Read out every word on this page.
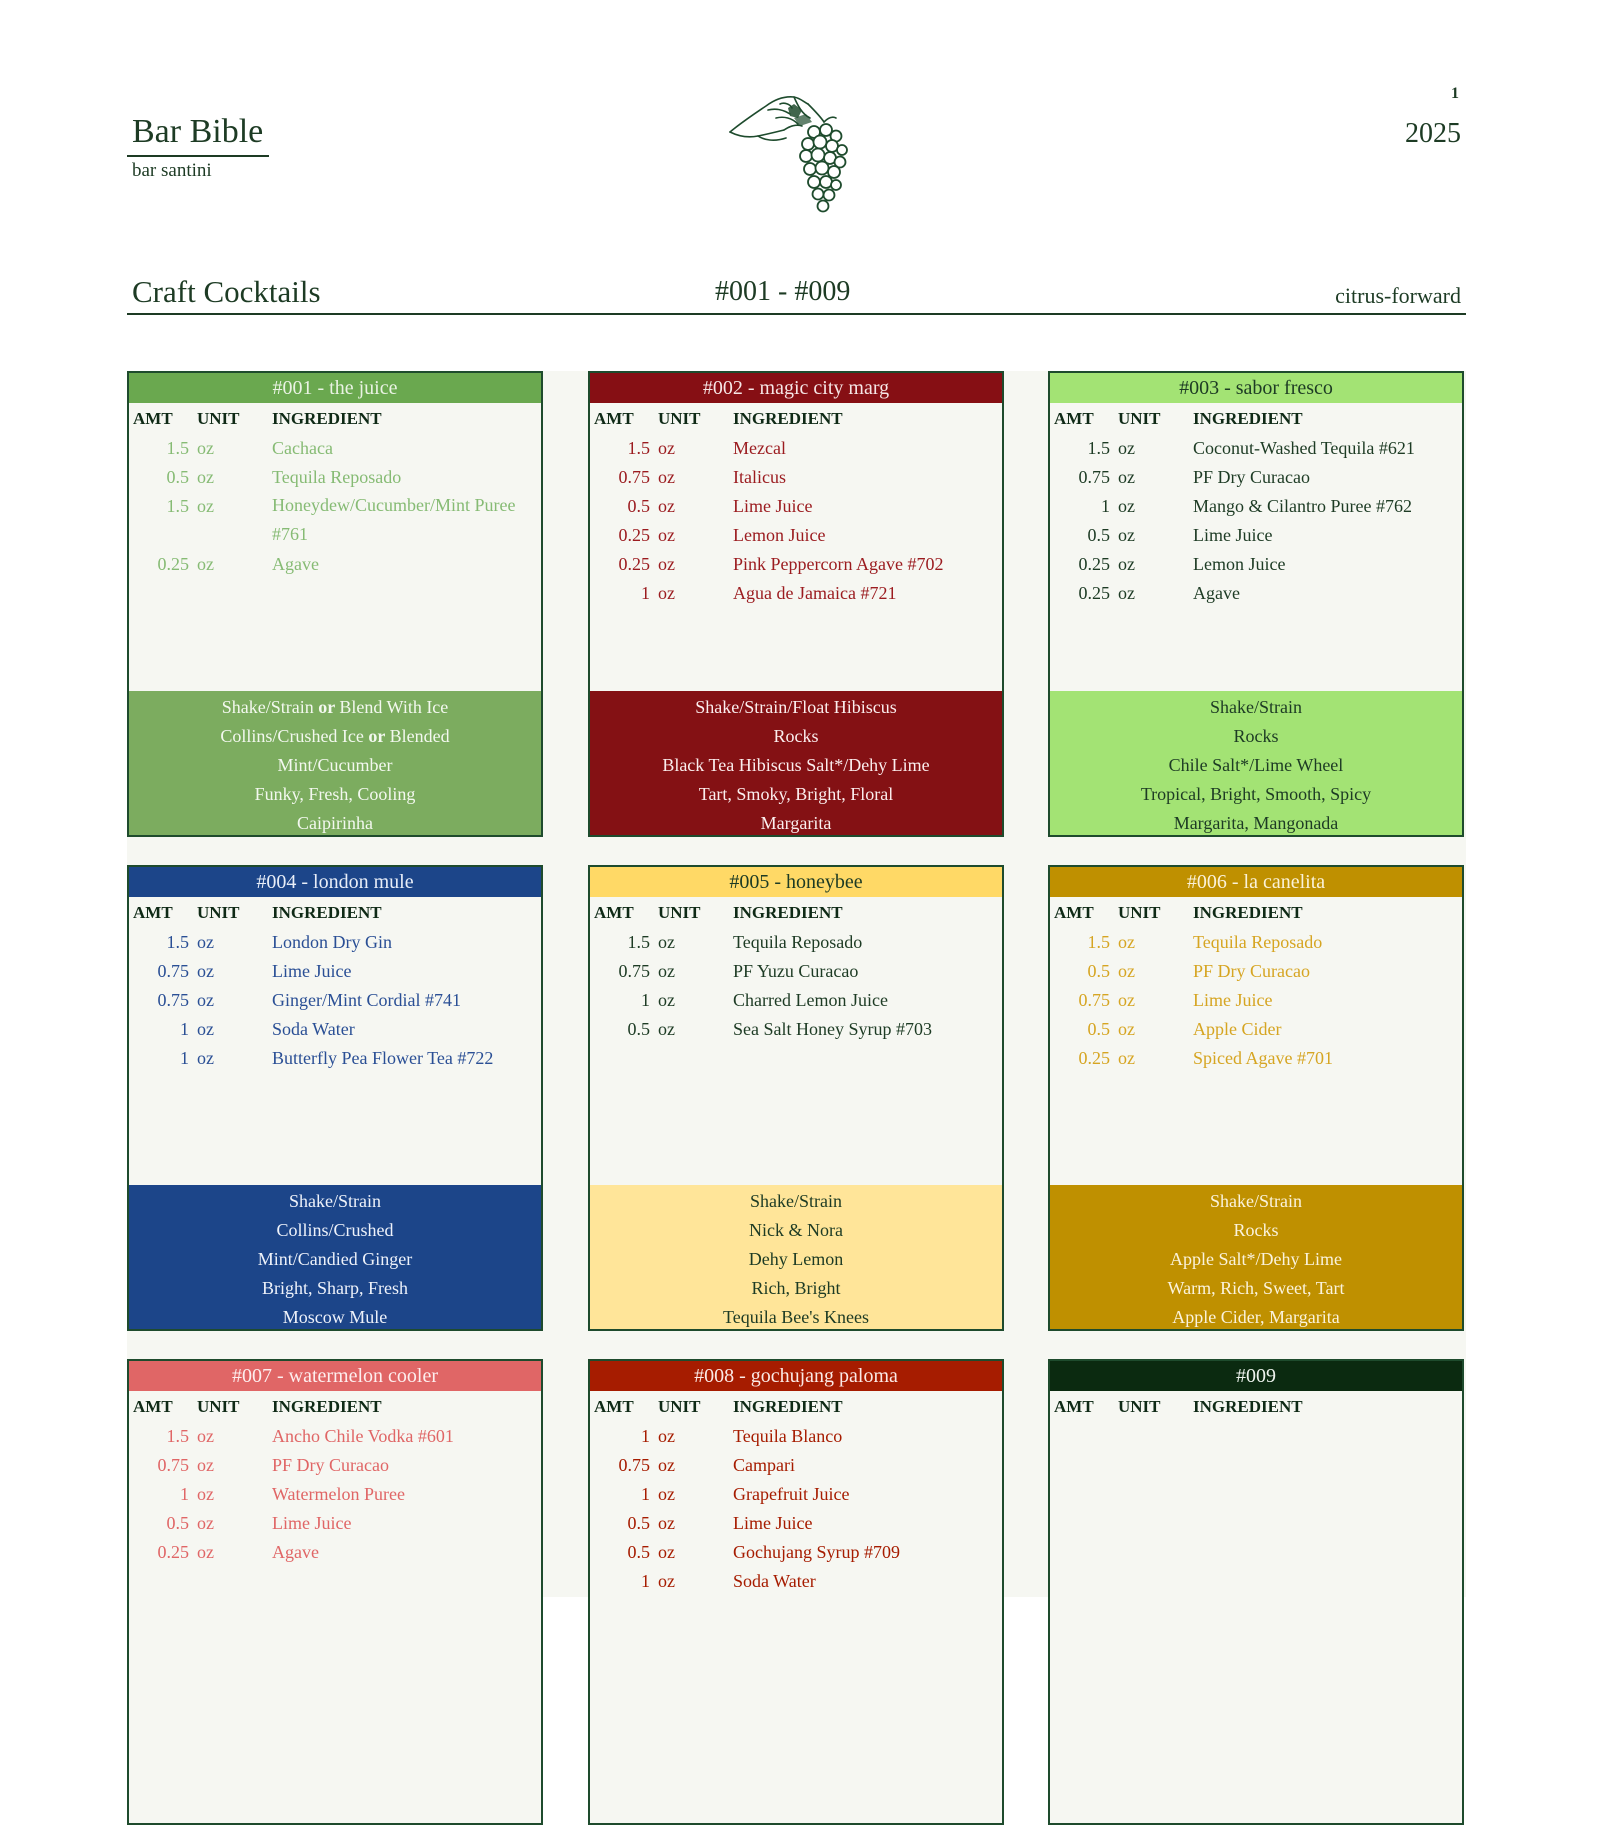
Bar Bible
bar santini
1
2025
Craft Cocktails	#001 - #009	citrus-forward
#001 - the juice
AMT UNIT INGREDIENT
1.5 oz	Cachaca
0.5 oz	Tequila Reposado
1.5 oz	Honeydew/Cucumber/Mint Puree #761
0.25 oz	Agave
Shake/Strain or Blend With Ice
Collins/Crushed Ice or Blended
Mint/Cucumber
Funky, Fresh, Cooling
Caipirinha
#002 - magic city marg
AMT UNIT INGREDIENT
1.5 oz	Mezcal
0.75 oz	Italicus
0.5 oz	Lime Juice
0.25 oz	Lemon Juice
0.25 oz	Pink Peppercorn Agave #702
1 oz	Agua de Jamaica #721
Shake/Strain/Float Hibiscus
Rocks
Black Tea Hibiscus Salt*/Dehy Lime
Tart, Smoky, Bright, Floral
Margarita
#003 - sabor fresco
AMT UNIT INGREDIENT
1.5 oz	Coconut-Washed Tequila #621
0.75 oz	PF Dry Curacao
1 oz	Mango & Cilantro Puree #762
0.5 oz	Lime Juice
0.25 oz	Lemon Juice
0.25 oz	Agave
Shake/Strain
Rocks
Chile Salt*/Lime Wheel
Tropical, Bright, Smooth, Spicy
Margarita, Mangonada
#004 - london mule
AMT UNIT INGREDIENT
1.5 oz	London Dry Gin
0.75 oz	Lime Juice
0.75 oz	Ginger/Mint Cordial #741
1 oz	Soda Water
1 oz	Butterfly Pea Flower Tea #722
Shake/Strain
Collins/Crushed
Mint/Candied Ginger
Bright, Sharp, Fresh
Moscow Mule
#005 - honeybee
AMT UNIT INGREDIENT
1.5 oz	Tequila Reposado
0.75 oz	PF Yuzu Curacao
1 oz	Charred Lemon Juice
0.5 oz	Sea Salt Honey Syrup #703
Shake/Strain
Nick & Nora
Dehy Lemon
Rich, Bright
Tequila Bee's Knees
#006 - la canelita
AMT UNIT INGREDIENT
1.5 oz	Tequila Reposado
0.5 oz	PF Dry Curacao
0.75 oz	Lime Juice
0.5 oz	Apple Cider
0.25 oz	Spiced Agave #701
Shake/Strain
Rocks
Apple Salt*/Dehy Lime
Warm, Rich, Sweet, Tart
Apple Cider, Margarita
#007 - watermelon cooler
AMT UNIT INGREDIENT
1.5 oz	Ancho Chile Vodka #601
0.75 oz	PF Dry Curacao
1 oz	Watermelon Puree
0.5 oz	Lime Juice
0.25 oz	Agave
#008 - gochujang paloma
AMT UNIT INGREDIENT
1 oz	Tequila Blanco
0.75 oz	Campari
1 oz	Grapefruit Juice
0.5 oz	Lime Juice
0.5 oz	Gochujang Syrup #709
1 oz	Soda Water
#009
AMT UNIT INGREDIENT
